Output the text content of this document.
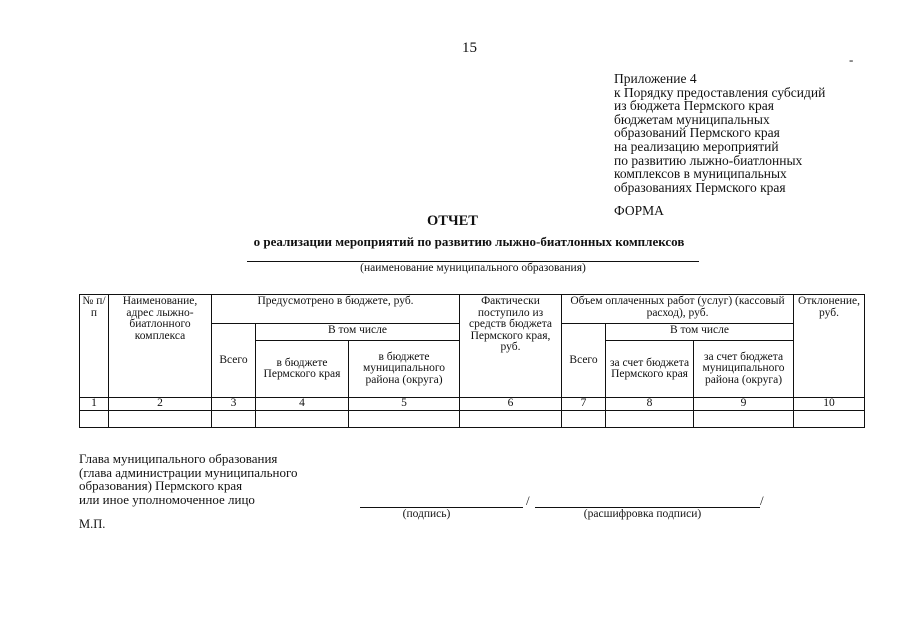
15
-
Приложение 4
к Порядку предоставления субсидий
из бюджета Пермского края
бюджетам муниципальных
образований Пермского края
на реализацию мероприятий
по развитию лыжно-биатлонных
комплексов в муниципальных
образованиях Пермского края
ФОРМА
ОТЧЕТ
о реализации мероприятий по развитию лыжно-биатлонных комплексов
(наименование муниципального образования)
№ п/п	Наименование, адрес лыжно-биатлонного комплекса	Предусмотрено в бюджете, руб.			Фактически поступило из средств бюджета Пермского края, руб.	Объем оплаченных работ (услуг) (кассовый расход), руб.			Отклонение, руб.
		Всего	В том числе			Всего	В том числе		
			в бюджете Пермского края	в бюджете муниципального района (округа)			за счет бюджета Пермского края	за счет бюджета муниципального района (округа)	
1	2	3	4	5	6	7	8	9	10

Глава муниципального образования
(глава администрации муниципального
образования) Пермского края
или иное уполномоченное лицо	/	/
(подпись)	(расшифровка подписи)
М.П.
